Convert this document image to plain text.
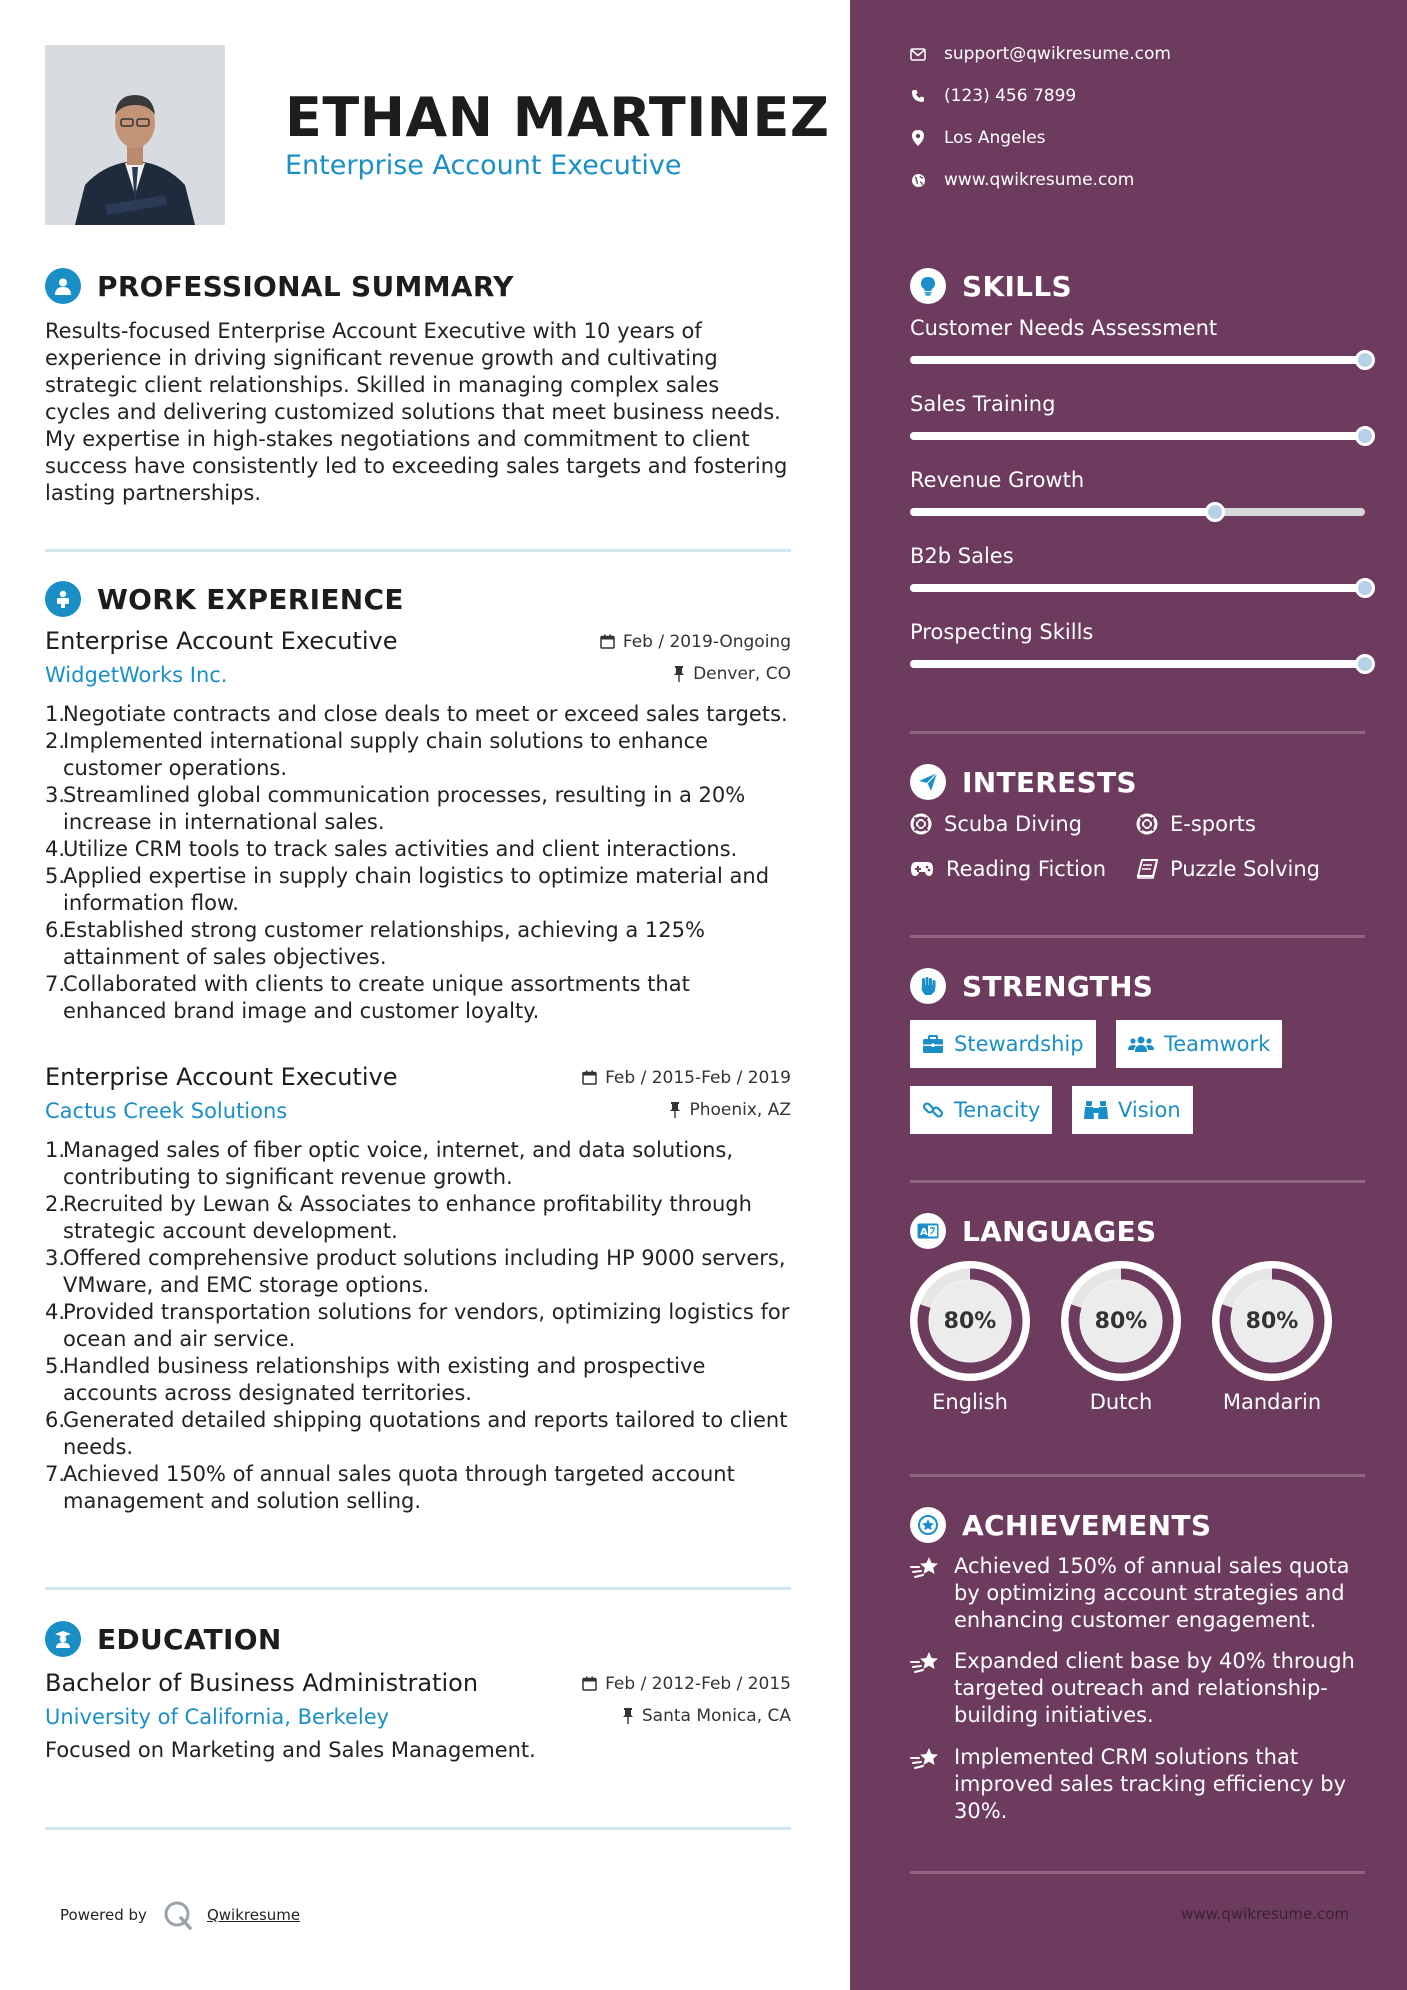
ETHAN MARTINEZ
Enterprise Account Executive
PROFESSIONAL SUMMARY
Results-focused Enterprise Account Executive with 10 years of experience in driving significant revenue growth and cultivating strategic client relationships. Skilled in managing complex sales cycles and delivering customized solutions that meet business needs. My expertise in high-stakes negotiations and commitment to client success have consistently led to exceeding sales targets and fostering lasting partnerships.
WORK EXPERIENCE
Enterprise Account Executive	Feb / 2019-Ongoing
WidgetWorks Inc.	Denver, CO
1.
Negotiate contracts and close deals to meet or exceed sales targets.
2.
Implemented international supply chain solutions to enhance customer operations.
3.
Streamlined global communication processes, resulting in a 20% increase in international sales.
4.
Utilize CRM tools to track sales activities and client interactions.
5.
Applied expertise in supply chain logistics to optimize material and information flow.
6.
Established strong customer relationships, achieving a 125% attainment of sales objectives.
7.
Collaborated with clients to create unique assortments that enhanced brand image and customer loyalty.
Enterprise Account Executive	Feb / 2015-Feb / 2019
Cactus Creek Solutions	Phoenix, AZ
1.
Managed sales of fiber optic voice, internet, and data solutions, contributing to significant revenue growth.
2.
Recruited by Lewan & Associates to enhance profitability through strategic account development.
3.
Offered comprehensive product solutions including HP 9000 servers, VMware, and EMC storage options.
4.
Provided transportation solutions for vendors, optimizing logistics for ocean and air service.
5.
Handled business relationships with existing and prospective accounts across designated territories.
6.
Generated detailed shipping quotations and reports tailored to client needs.
7.
Achieved 150% of annual sales quota through targeted account management and solution selling.
EDUCATION
Bachelor of Business Administration	Feb / 2012-Feb / 2015
University of California, Berkeley	Santa Monica, CA
Focused on Marketing and Sales Management.
Powered by	Qwikresume
support@qwikresume.com
(123) 456 7899
Los Angeles
www.qwikresume.com
SKILLS
Customer Needs Assessment
Sales Training
Revenue Growth
B2b Sales
Prospecting Skills
INTERESTS
Scuba Diving	E-sports
Reading Fiction	Puzzle Solving
STRENGTHS
Stewardship	Teamwork
Tenacity	Vision
A LANGUAGES
80%
English
80%
Dutch
80%
Mandarin
ACHIEVEMENTS
Achieved 150% of annual sales quota by optimizing account strategies and enhancing customer engagement.
Expanded client base by 40% through targeted outreach and relationship-building initiatives.
Implemented CRM solutions that improved sales tracking efficiency by 30%.
www.qwikresume.com
